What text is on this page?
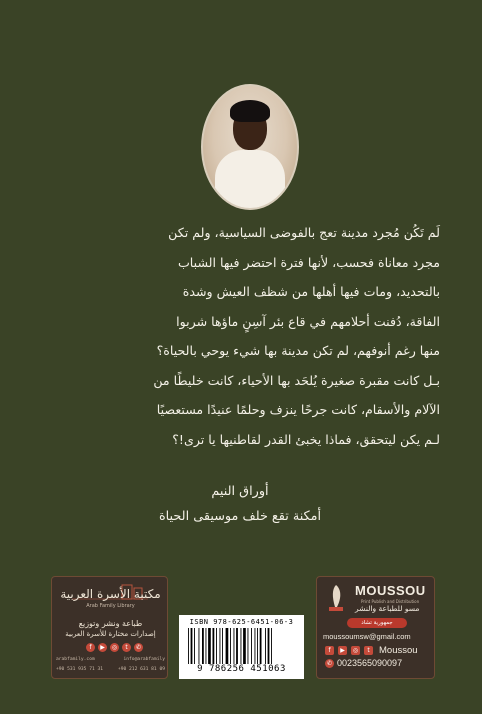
لَم تَكُن مُجرد مدينة تعج بالفوضى السياسية، ولم تكن

مجرد معاناة فحسب، لأنها فترة احتضر فيها الشباب

بالتحديد، ومات فيها أهلها من شظف العيش وشدة

الفاقة، دُفنت أحلامهم في قاع بئر آسِنٍ ماؤها شربوا

منها رغم أنوفهم، لم تكن مدينة بها شيء يوحي بالحياة؟

بـل كانت مقبرة صغيرة يُلحَد بها الأحياء، كانت خليطًا من

الآلام والأسقام، كانت جرحًا ينزف وحلمًا عنيدًا مستعصيًا

لـم يكن ليتحقق، فماذا يخبئ القدر لقاطنيها يا ترى!؟

أوراق النيم
أمكنة تقع خلف موسيقى الحياة
مكتبة الأسرة العربية
Arab Family Library
طباعة ونشر وتوزيع
إصدارات مختارة للأسرة العربية
f	▶	◎	t	✆
arabfamily.com	info@arabfamily
+90 531 935 71 31	+90 212 631 81 09
ISBN 978-625-6451-06-3
9 786256 451063
MOUSSOU
Print Publish and Distribution
مسو للطباعة والنشر
جمهورية تشاد
moussoumsw@gmail.com
f	▶	◎	t Moussou
✆ 0023565090097
